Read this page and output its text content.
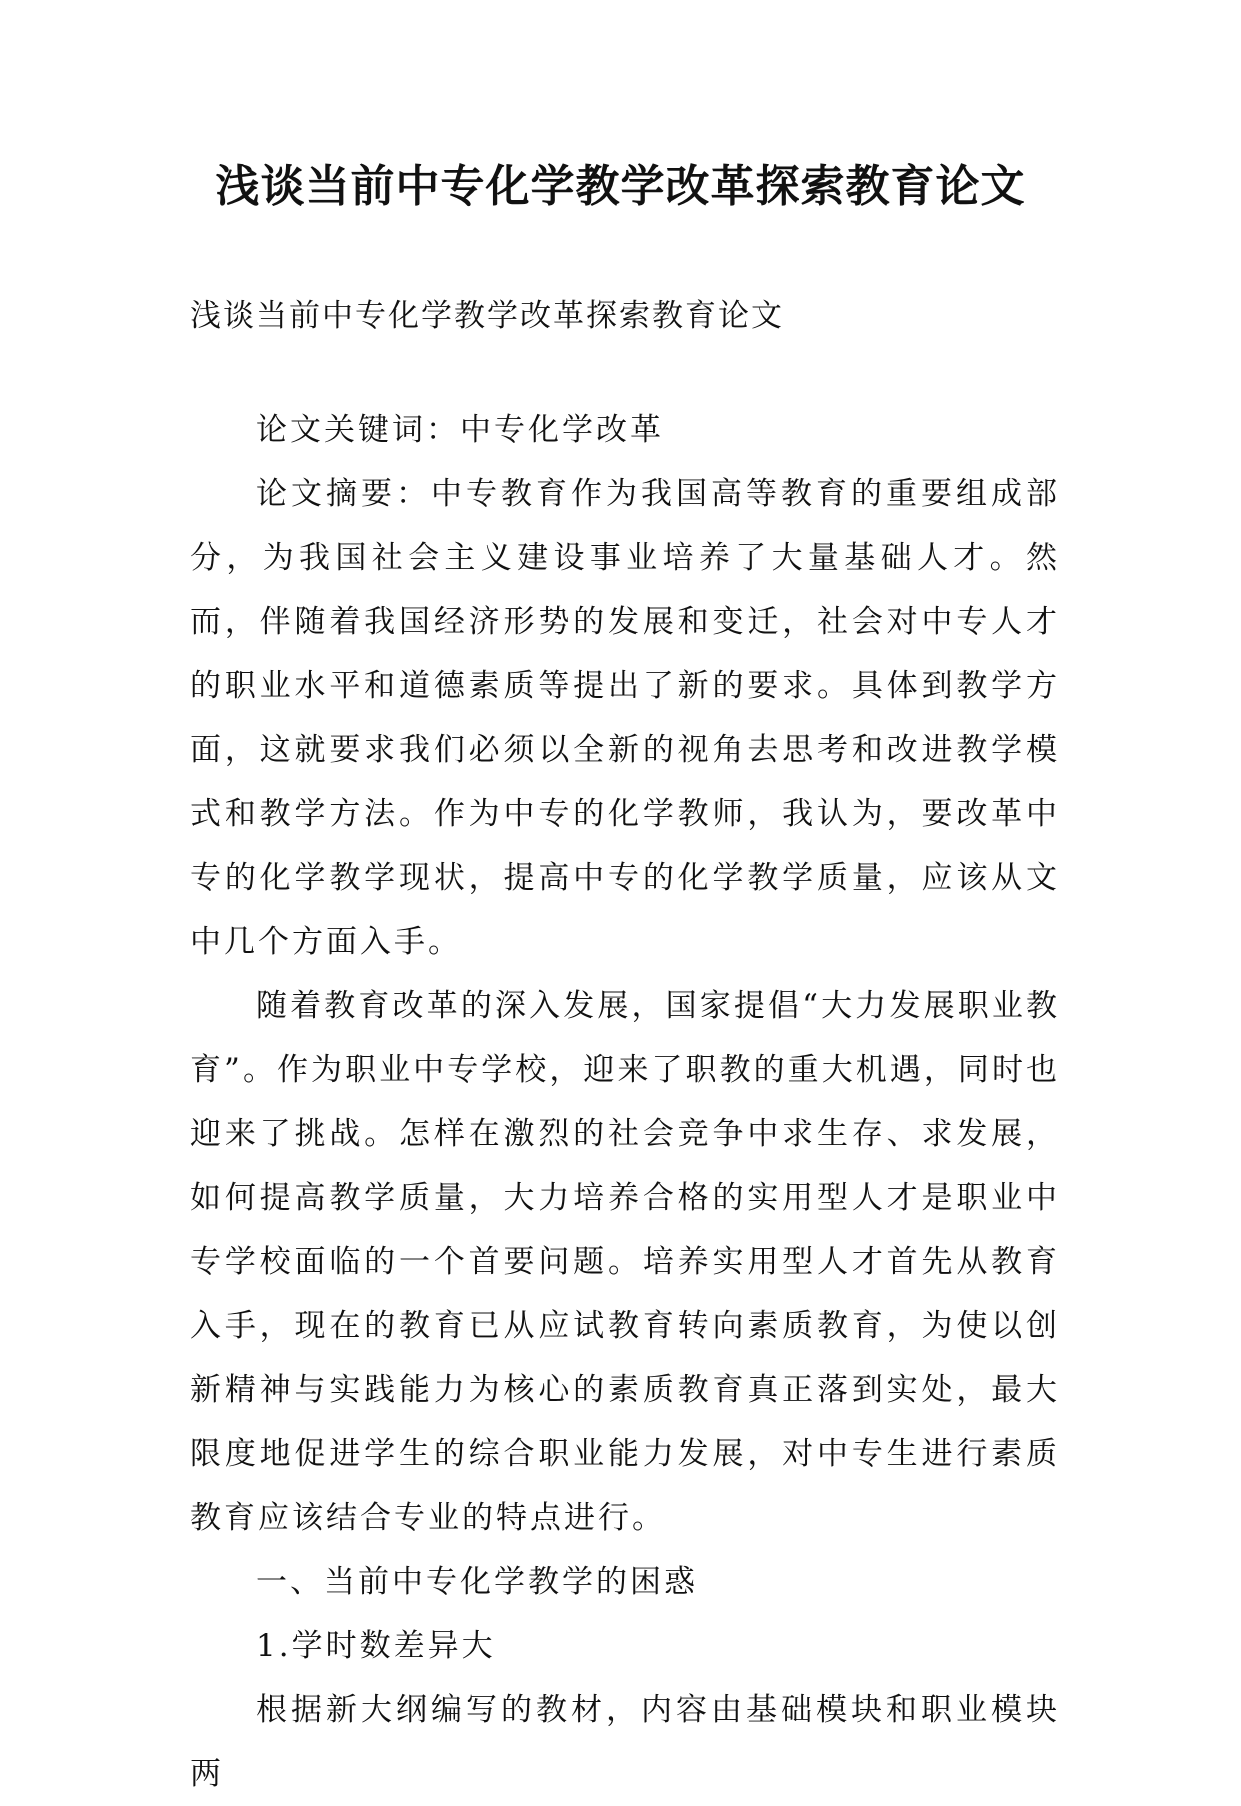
浅谈当前中专化学教学改革探索教育论文

浅谈当前中专化学教学改革探索教育论文

论文关键词：中专化学改革

论文摘要：中专教育作为我国高等教育的重要组成部分，为我国社会主义建设事业培养了大量基础人才。然而，伴随着我国经济形势的发展和变迁，社会对中专人才的职业水平和道德素质等提出了新的要求。具体到教学方面，这就要求我们必须以全新的视角去思考和改进教学模式和教学方法。作为中专的化学教师，我认为，要改革中专的化学教学现状，提高中专的化学教学质量，应该从文中几个方面入手。

随着教育改革的深入发展，国家提倡“大力发展职业教育”。作为职业中专学校，迎来了职教的重大机遇，同时也迎来了挑战。怎样在激烈的社会竞争中求生存、求发展，如何提高教学质量，大力培养合格的实用型人才是职业中专学校面临的一个首要问题。培养实用型人才首先从教育入手，现在的教育已从应试教育转向素质教育，为使以创新精神与实践能力为核心的素质教育真正落到实处，最大限度地促进学生的综合职业能力发展，对中专生进行素质教育应该结合专业的特点进行。

一、当前中专化学教学的困惑

1.学时数差异大

根据新大纲编写的教材，内容由基础模块和职业模块两
